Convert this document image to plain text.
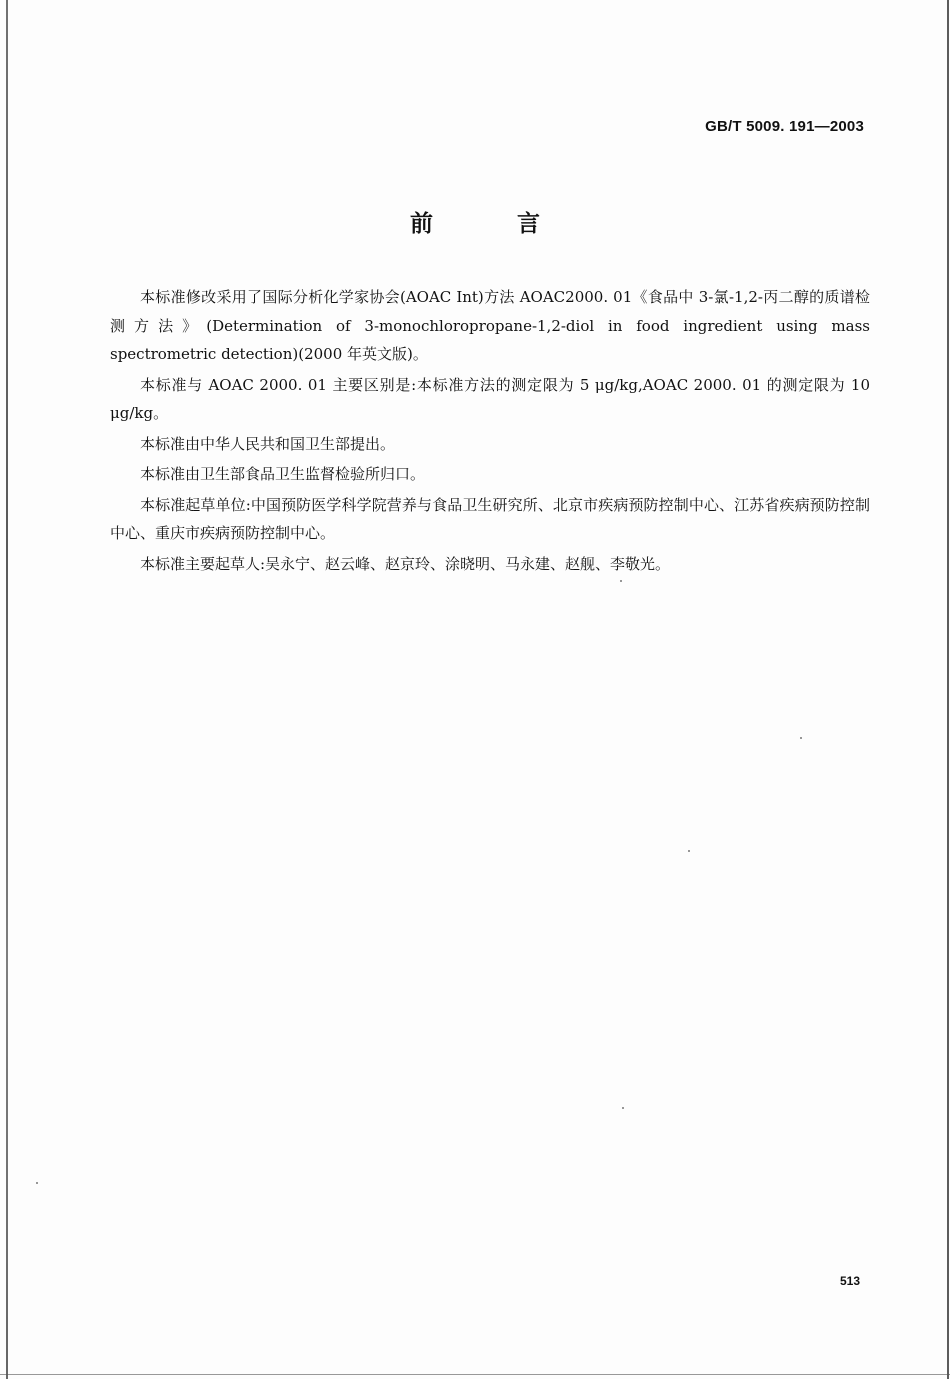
GB/T 5009. 191—2003
前 言

本标准修改采用了国际分析化学家协会(AOAC Int)方法 AOAC2000. 01《食品中 3-氯-1,2-丙二醇的质谱检测方法》(Determination of 3-monochloropropane-1,2-diol in food ingredient using mass spectrometric detection)(2000 年英文版)。

本标准与 AOAC 2000. 01 主要区别是:本标准方法的测定限为 5 μg/kg,AOAC 2000. 01 的测定限为 10 μg/kg。

本标准由中华人民共和国卫生部提出。

本标准由卫生部食品卫生监督检验所归口。

本标准起草单位:中国预防医学科学院营养与食品卫生研究所、北京市疾病预防控制中心、江苏省疾病预防控制中心、重庆市疾病预防控制中心。

本标准主要起草人:吴永宁、赵云峰、赵京玲、涂晓明、马永建、赵舰、李敬光。

513
